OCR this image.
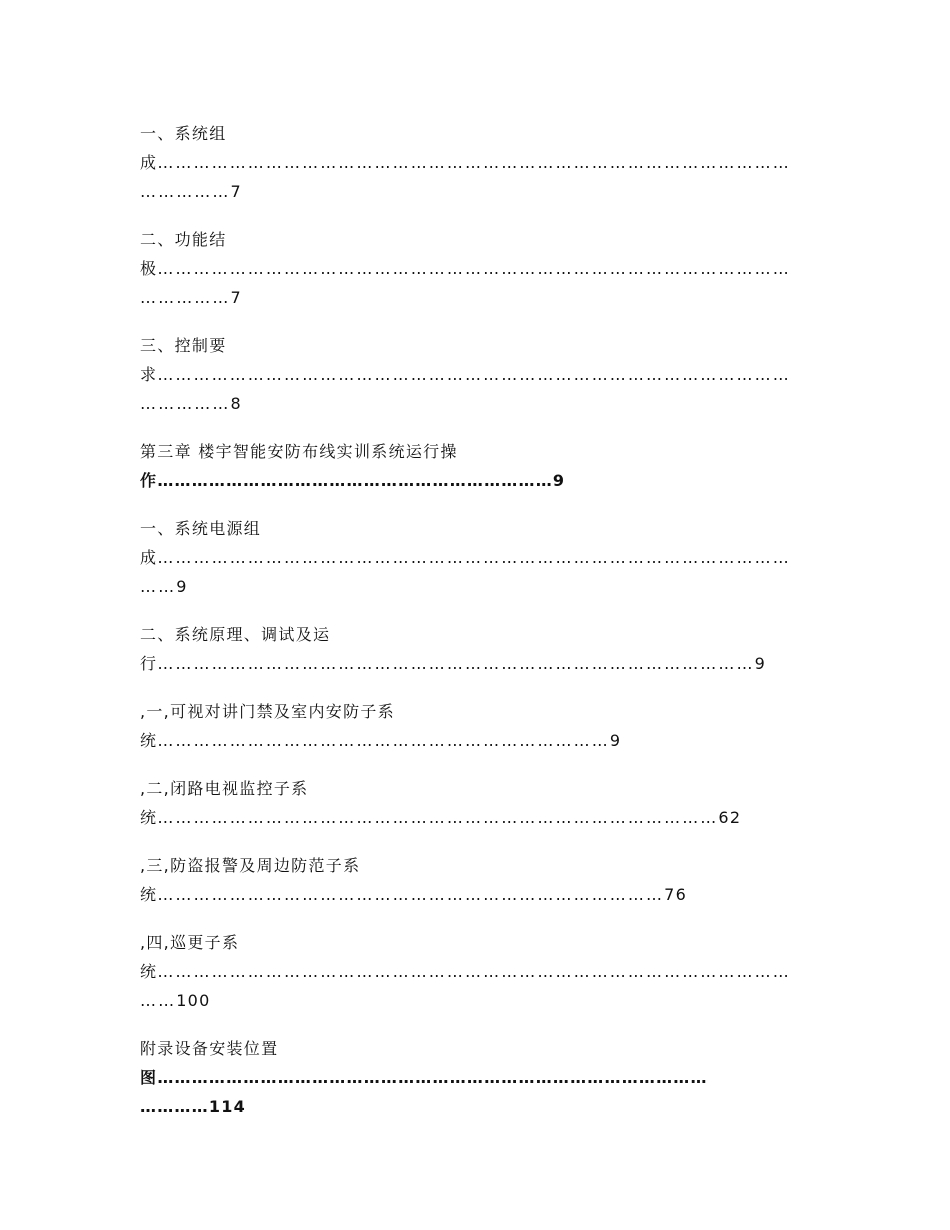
一、系统组
成……………………………………………………………………………………………
……………7
二、功能结
极……………………………………………………………………………………………
……………7
三、控制要
求……………………………………………………………………………………………
……………8
第三章 楼宇智能安防布线实训系统运行操
作……………………………………………………………9
一、系统电源组
成……………………………………………………………………………………………
……9
二、系统原理、调试及运
行………………………………………………………………………………………9
,一,可视对讲门禁及室内安防子系
统…………………………………………………………………9
,二,闭路电视监控子系
统…………………………………………………………………………………62
,三,防盗报警及周边防范子系
统…………………………………………………………………………76
,四,巡更子系
统……………………………………………………………………………………………
……100
附录设备安装位置
图……………………………………………………………………………………
…………114
